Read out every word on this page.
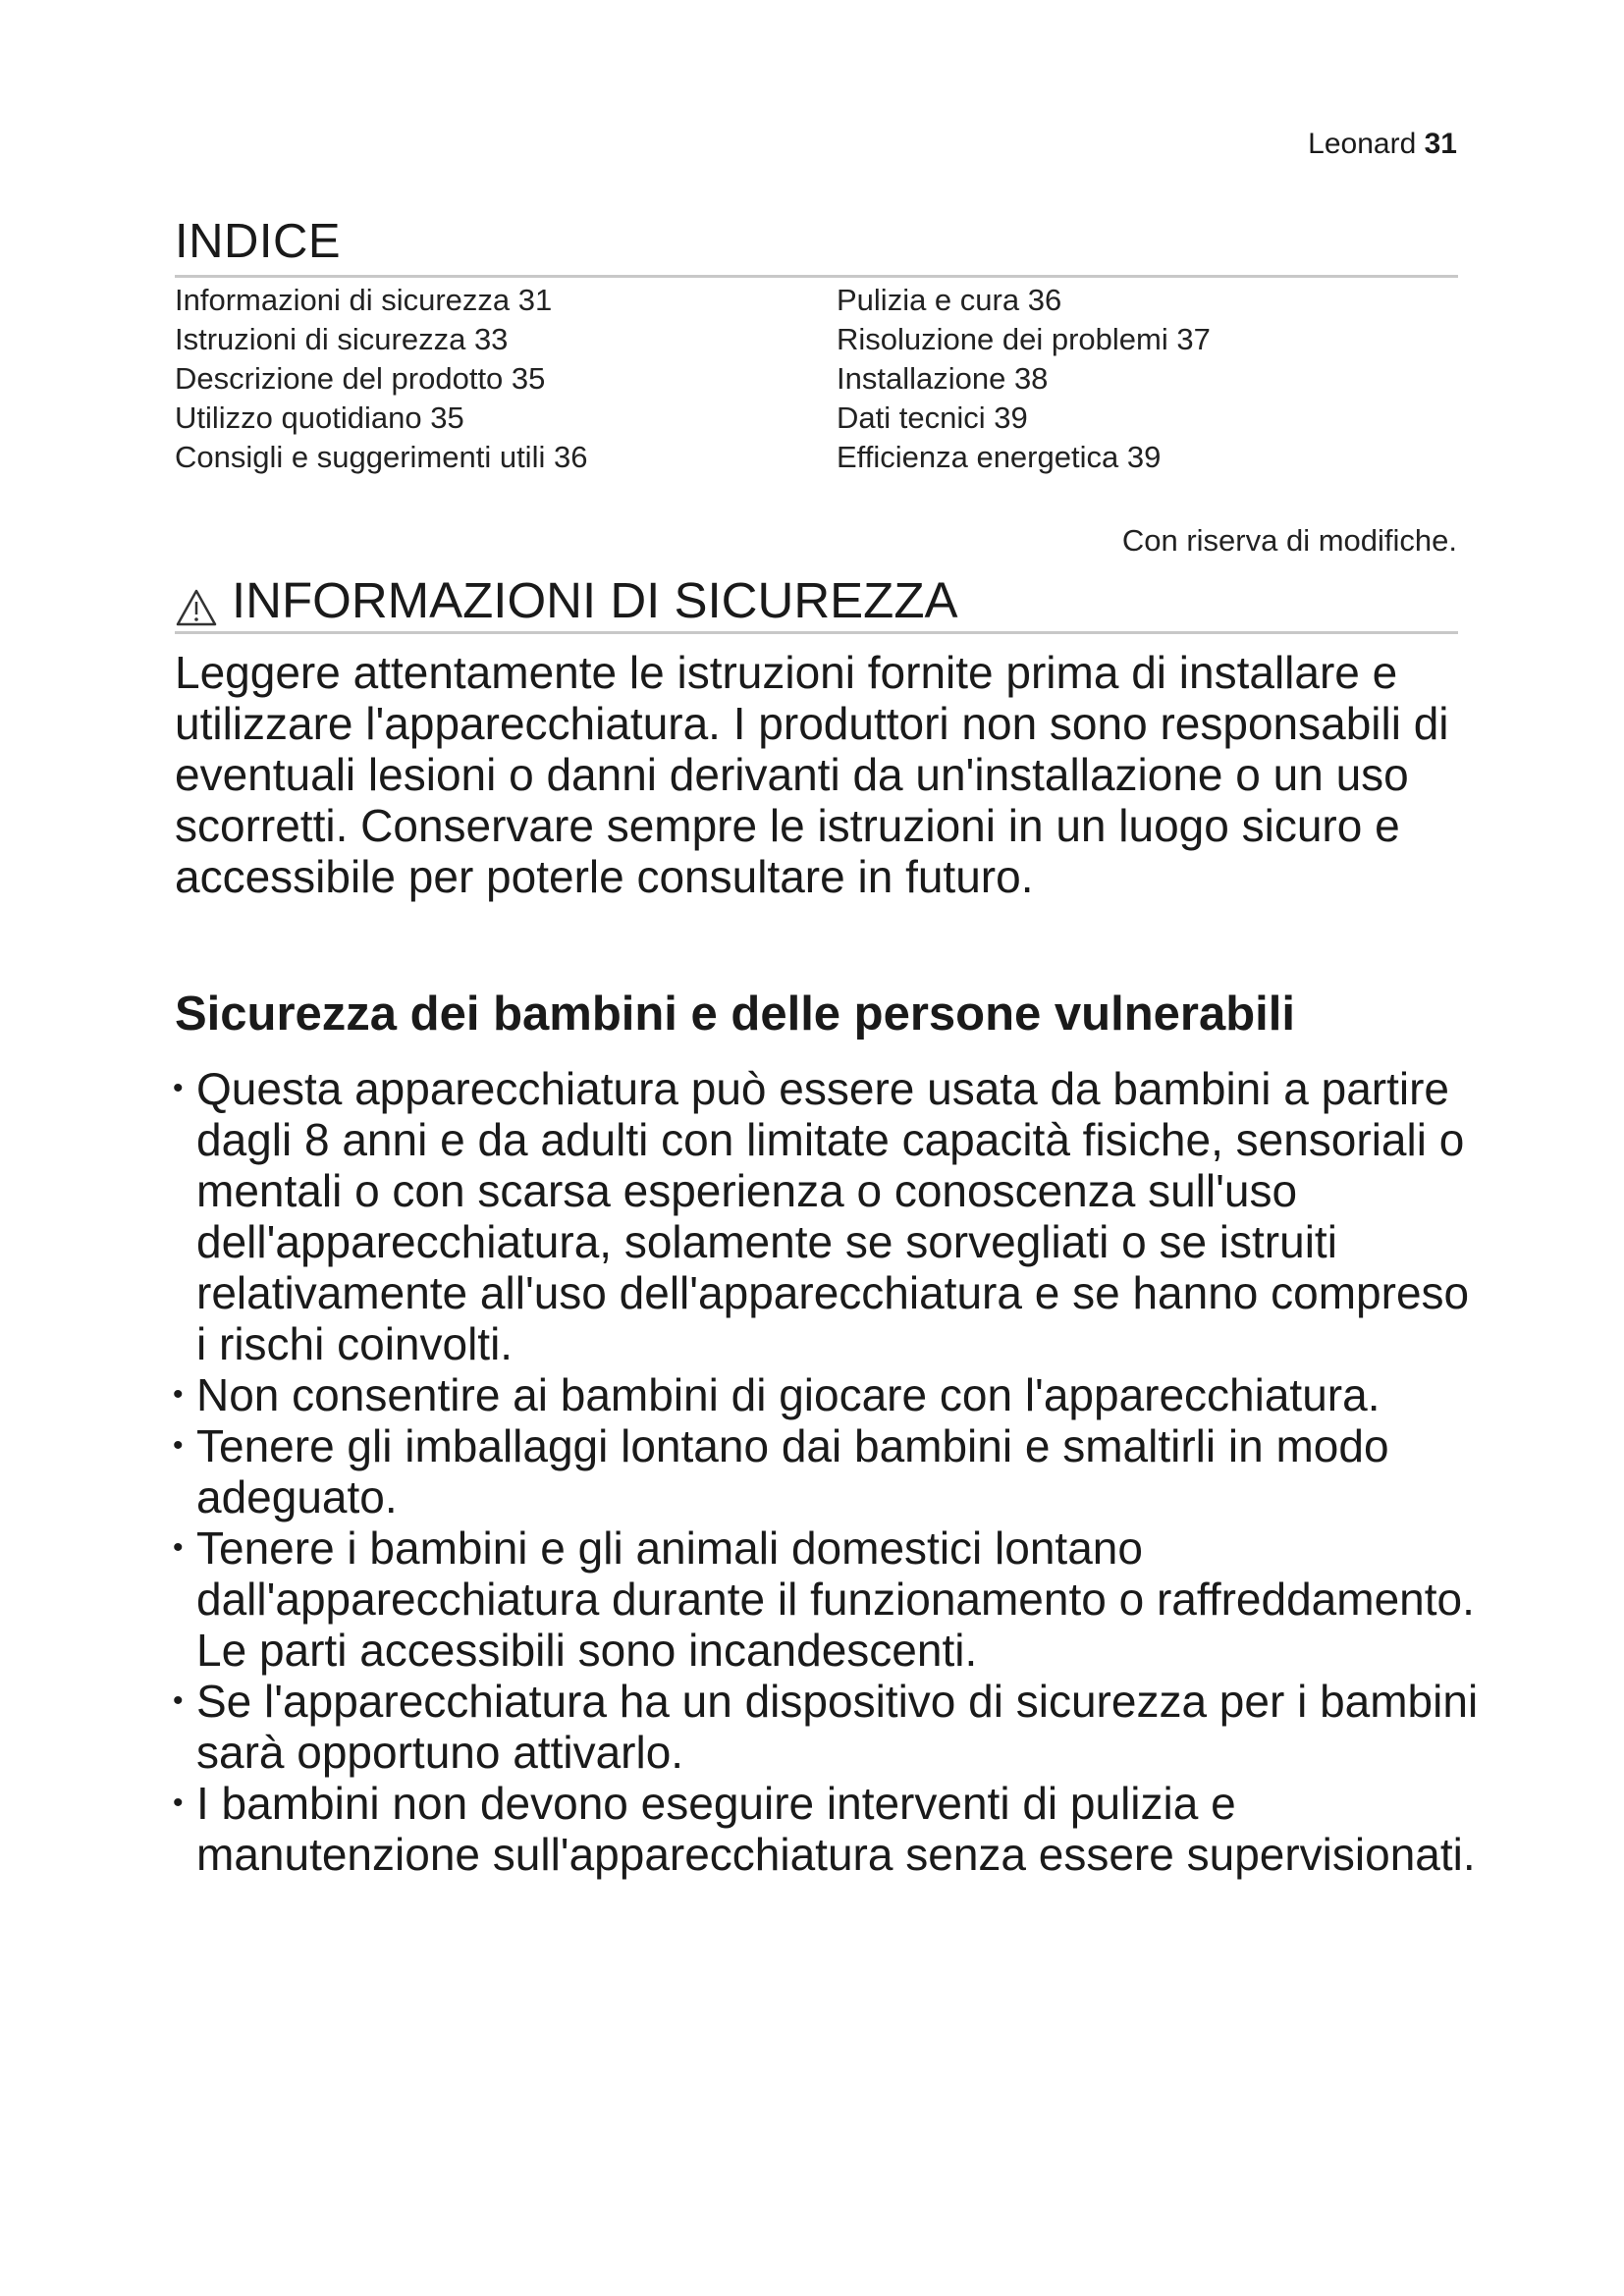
Leonard 31
INDICE
Informazioni di sicurezza 31
Istruzioni di sicurezza 33
Descrizione del prodotto 35
Utilizzo quotidiano 35
Consigli e suggerimenti utili 36
Pulizia e cura 36
Risoluzione dei problemi 37
Installazione 38
Dati tecnici 39
Efficienza energetica 39
Con riserva di modifiche.
INFORMAZIONI DI SICUREZZA

Leggere attentamente le istruzioni fornite prima di installare e utilizzare l'apparecchiatura. I produttori non sono responsabili di eventuali lesioni o danni derivanti da un'installazione o un uso scorretti. Conservare sempre le istruzioni in un luogo sicuro e accessibile per poterle consultare in futuro.

Sicurezza dei bambini e delle persone vulnerabili
• Questa apparecchiatura può essere usata da bambini a partire dagli 8 anni e da adulti con limitate capacità fisiche, sensoriali o mentali o con scarsa esperienza o conoscenza sull'uso dell'apparecchiatura, solamente se sorvegliati o se istruiti relativamente all'uso dell'apparecchiatura e se hanno compreso i rischi coinvolti.
• Non consentire ai bambini di giocare con l'apparecchiatura.
• Tenere gli imballaggi lontano dai bambini e smaltirli in modo adeguato.
• Tenere i bambini e gli animali domestici lontano dall'apparecchiatura durante il funzionamento o raffreddamento. Le parti accessibili sono incandescenti.
• Se l'apparecchiatura ha un dispositivo di sicurezza per i bambini sarà opportuno attivarlo.
• I bambini non devono eseguire interventi di pulizia e manutenzione sull'apparecchiatura senza essere supervisionati.
